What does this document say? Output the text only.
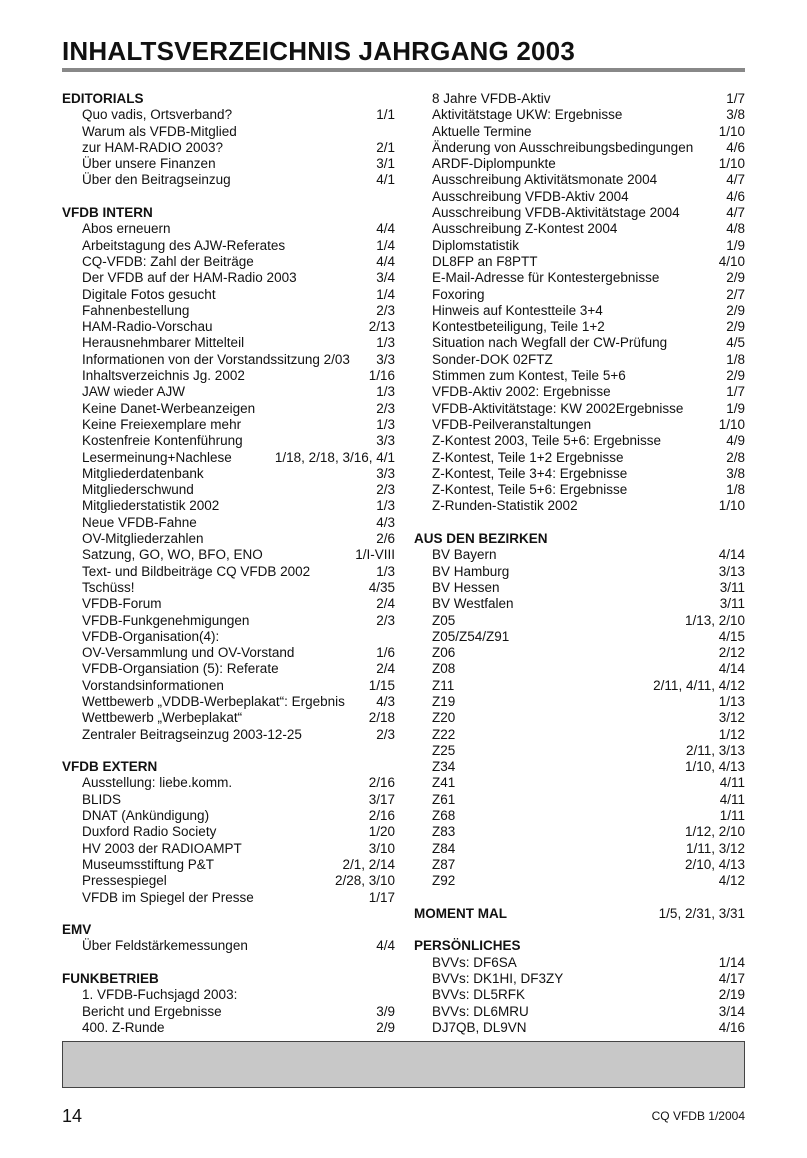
INHALTSVERZEICHNIS JAHRGANG 2003
EDITORIALS
Quo vadis, Ortsverband?	1/1
Warum als VFDB-Mitglied
zur HAM-RADIO 2003?	2/1
Über unsere Finanzen	3/1
Über den Beitragseinzug	4/1
VFDB INTERN
Abos erneuern	4/4
Arbeitstagung des AJW-Referates	1/4
CQ-VFDB: Zahl der Beiträge	4/4
Der VFDB auf der HAM-Radio 2003	3/4
Digitale Fotos gesucht	1/4
Fahnenbestellung	2/3
HAM-Radio-Vorschau	2/13
Herausnehmbarer Mittelteil	1/3
Informationen von der Vorstandssitzung 2/03 3/3
Inhaltsverzeichnis Jg. 2002	1/16
JAW wieder AJW	1/3
Keine Danet-Werbeanzeigen	2/3
Keine Freiexemplare mehr	1/3
Kostenfreie Kontenführung	3/3
Lesermeinung+Nachlese	1/18, 2/18, 3/16, 4/1
Mitgliederdatenbank	3/3
Mitgliederschwund	2/3
Mitgliederstatistik 2002	1/3
Neue VFDB-Fahne	4/3
OV-Mitgliederzahlen	2/6
Satzung, GO, WO, BFO, ENO	1/I-VIII
Text- und Bildbeiträge CQ VFDB 2002	1/3
Tschüss!	4/35
VFDB-Forum	2/4
VFDB-Funkgenehmigungen	2/3
VFDB-Organisation(4):
OV-Versammlung und OV-Vorstand	1/6
VFDB-Organsiation (5): Referate	2/4
Vorstandsinformationen	1/15
Wettbewerb „VDDB-Werbeplakat“: Ergebnis 4/3
Wettbewerb „Werbeplakat“	2/18
Zentraler Beitragseinzug 2003-12-25	2/3
VFDB EXTERN
Ausstellung: liebe.komm.	2/16
BLIDS	3/17
DNAT (Ankündigung)	2/16
Duxford Radio Society	1/20
HV 2003 der RADIOAMPT	3/10
Museumsstiftung P&T	2/1, 2/14
Pressespiegel	2/28, 3/10
VFDB im Spiegel der Presse	1/17
EMV
Über Feldstärkemessungen	4/4
FUNKBETRIEB
1. VFDB-Fuchsjagd 2003:
Bericht und Ergebnisse	3/9
400. Z-Runde	2/9
8 Jahre VFDB-Aktiv	1/7
Aktivitätstage UKW: Ergebnisse	3/8
Aktuelle Termine	1/10
Änderung von Ausschreibungsbedingungen 4/6
ARDF-Diplompunkte	1/10
Ausschreibung Aktivitätsmonate 2004	4/7
Ausschreibung VFDB-Aktiv 2004	4/6
Ausschreibung VFDB-Aktivitätstage 2004	4/7
Ausschreibung Z-Kontest 2004	4/8
Diplomstatistik	1/9
DL8FP an F8PTT	4/10
E-Mail-Adresse für Kontestergebnisse	2/9
Foxoring	2/7
Hinweis auf Kontestteile 3+4	2/9
Kontestbeteiligung, Teile 1+2	2/9
Situation nach Wegfall der CW-Prüfung	4/5
Sonder-DOK 02FTZ	1/8
Stimmen zum Kontest, Teile 5+6	2/9
VFDB-Aktiv 2002: Ergebnisse	1/7
VFDB-Aktivitätstage: KW 2002Ergebnisse	1/9
VFDB-Peilveranstaltungen	1/10
Z-Kontest 2003, Teile 5+6: Ergebnisse	4/9
Z-Kontest, Teile 1+2 Ergebnisse	2/8
Z-Kontest, Teile 3+4: Ergebnisse	3/8
Z-Kontest, Teile 5+6: Ergebnisse	1/8
Z-Runden-Statistik 2002	1/10
AUS DEN BEZIRKEN
BV Bayern	4/14
BV Hamburg	3/13
BV Hessen	3/11
BV Westfalen	3/11
Z05	1/13, 2/10
Z05/Z54/Z91	4/15
Z06	2/12
Z08	4/14
Z11	2/11, 4/11, 4/12
Z19	1/13
Z20	3/12
Z22	1/12
Z25	2/11, 3/13
Z34	1/10, 4/13
Z41	4/11
Z61	4/11
Z68	1/11
Z83	1/12, 2/10
Z84	1/11, 3/12
Z87	2/10, 4/13
Z92	4/12
MOMENT MAL	1/5, 2/31, 3/31
PERSÖNLICHES
BVVs: DF6SA	1/14
BVVs: DK1HI, DF3ZY	4/17
BVVs: DL5RFK	2/19
BVVs: DL6MRU	3/14
DJ7QB, DL9VN	4/16
14	CQ VFDB 1/2004
